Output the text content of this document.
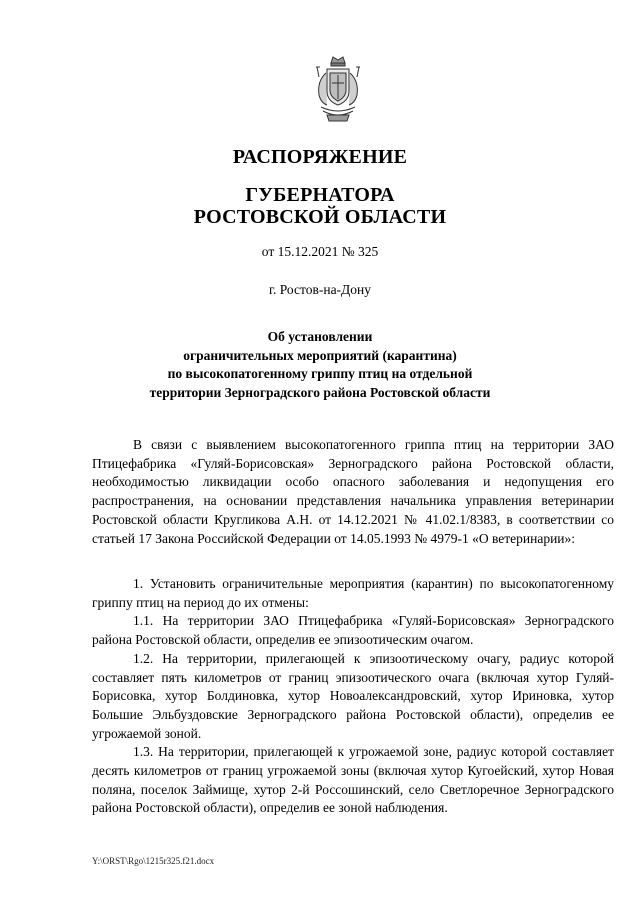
РАСПОРЯЖЕНИЕ
ГУБЕРНАТОРА
РОСТОВСКОЙ ОБЛАСТИ
от 15.12.2021 № 325
г. Ростов-на-Дону
Об установлении
ограничительных мероприятий (карантина)
по высокопатогенному гриппу птиц на отдельной
территории Зерноградского района Ростовской области

В связи с выявлением высокопатогенного гриппа птиц на территории ЗАО Птицефабрика «Гуляй-Борисовская» Зерноградского района Ростовской области, необходимостью ликвидации особо опасного заболевания и недопущения его распространения, на основании представления начальника управления ветеринарии Ростовской области Кругликова А.Н. от 14.12.2021 № 41.02.1/8383, в соответствии со статьей 17 Закона Российской Федерации от 14.05.1993 № 4979-1 «О ветеринарии»:

1. Установить ограничительные мероприятия (карантин) по высокопатогенному гриппу птиц на период до их отмены:

1.1. На территории ЗАО Птицефабрика «Гуляй-Борисовская» Зерноградского района Ростовской области, определив ее эпизоотическим очагом.

1.2. На территории, прилегающей к эпизоотическому очагу, радиус которой составляет пять километров от границ эпизоотического очага (включая хутор Гуляй-Борисовка, хутор Болдиновка, хутор Новоалександровский, хутор Ириновка, хутор Большие Эльбуздовские Зерноградского района Ростовской области), определив ее угрожаемой зоной.

1.3. На территории, прилегающей к угрожаемой зоне, радиус которой составляет десять километров от границ угрожаемой зоны (включая хутор Кугоейский, хутор Новая поляна, поселок Займище, хутор 2-й Россошинский, село Светлоречное Зерноградского района Ростовской области), определив ее зоной наблюдения.

Y:\ORST\Rgo\1215r325.f21.docx
